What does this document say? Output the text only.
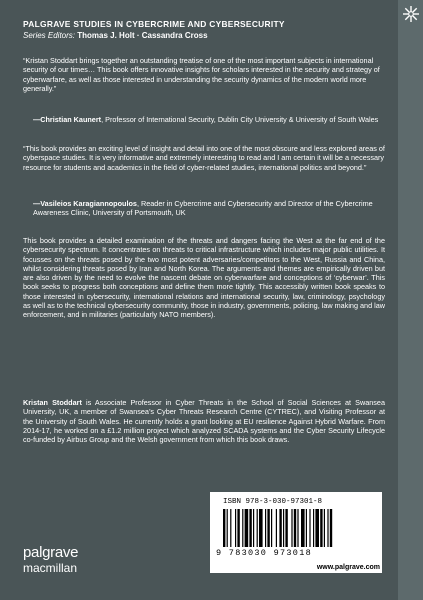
PALGRAVE STUDIES IN CYBERCRIME AND CYBERSECURITY
Series Editors: Thomas J. Holt · Cassandra Cross
“Kristan Stoddart brings together an outstanding treatise of one of the most important subjects in international security of our times… This book offers innovative insights for scholars interested in the security and strategy of cyberwarfare, as well as those interested in understanding the security dynamics of the modern world more generally.”
—Christian Kaunert, Professor of International Security, Dublin City University & University of South Wales
“This book provides an exciting level of insight and detail into one of the most obscure and less explored areas of cyberspace studies. It is very informative and extremely interesting to read and I am certain it will be a necessary resource for students and academics in the field of cyber-related studies, international politics and beyond.”
—Vasileios Karagiannopoulos, Reader in Cybercrime and Cybersecurity and Director of the Cybercrime Awareness Clinic, University of Portsmouth, UK
This book provides a detailed examination of the threats and dangers facing the West at the far end of the cybersecurity spectrum. It concentrates on threats to critical infrastructure which includes major public utilities. It focusses on the threats posed by the two most potent adversaries/competitors to the West, Russia and China, whilst considering threats posed by Iran and North Korea. The arguments and themes are empirically driven but are also driven by the need to evolve the nascent debate on cyberwarfare and conceptions of ‘cyberwar’. This book seeks to progress both conceptions and define them more tightly. This accessibly written book speaks to those interested in cybersecurity, international relations and international security, law, criminology, psychology as well as to the technical cybersecurity community, those in industry, governments, policing, law making and law enforcement, and in militaries (particularly NATO members).
Kristan Stoddart is Associate Professor in Cyber Threats in the School of Social Sciences at Swansea University, UK, a member of Swansea’s Cyber Threats Research Centre (CYTREC), and Visiting Professor at the University of South Wales. He currently holds a grant looking at EU resilience Against Hybrid Warfare. From 2014-17, he worked on a £1.2 million project which analyzed SCADA systems and the Cyber Security Lifecycle co-funded by Airbus Group and the Welsh government from which this book draws.
ISBN 978-3-030-97301-8
9 783030 973018
www.palgrave.com
palgrave
macmillan
